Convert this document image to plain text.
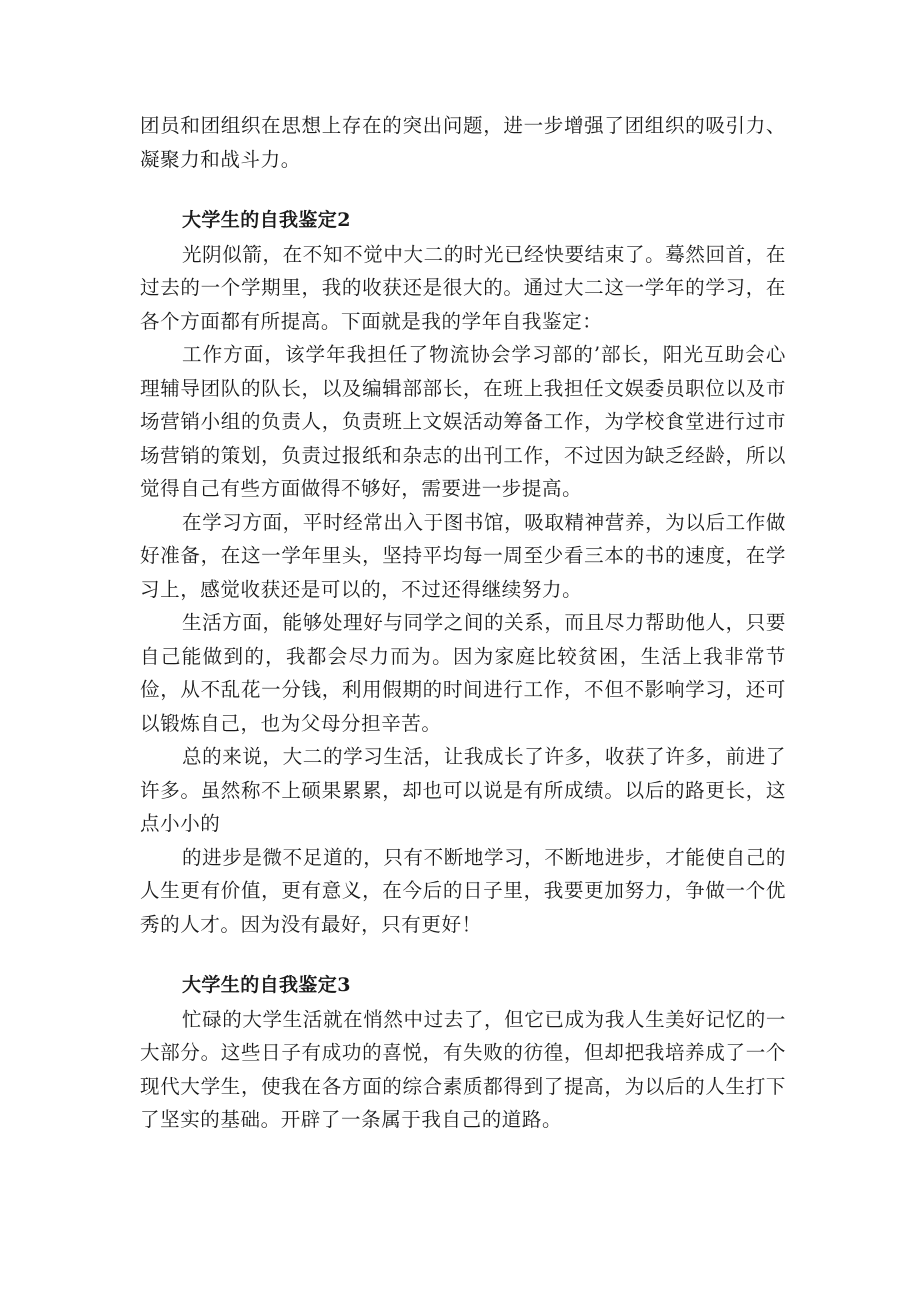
团员和团组织在思想上存在的突出问题，进一步增强了团组织的吸引力、凝聚力和战斗力。

大学生的自我鉴定2

光阴似箭，在不知不觉中大二的时光已经快要结束了。蓦然回首，在过去的一个学期里，我的收获还是很大的。通过大二这一学年的学习，在各个方面都有所提高。下面就是我的学年自我鉴定：

工作方面，该学年我担任了物流协会学习部的’部长，阳光互助会心理辅导团队的队长，以及编辑部部长，在班上我担任文娱委员职位以及市场营销小组的负责人，负责班上文娱活动筹备工作，为学校食堂进行过市场营销的策划，负责过报纸和杂志的出刊工作，不过因为缺乏经龄，所以觉得自己有些方面做得不够好，需要进一步提高。

在学习方面，平时经常出入于图书馆，吸取精神营养，为以后工作做好准备，在这一学年里头，坚持平均每一周至少看三本的书的速度，在学习上，感觉收获还是可以的，不过还得继续努力。

生活方面，能够处理好与同学之间的关系，而且尽力帮助他人，只要自己能做到的，我都会尽力而为。因为家庭比较贫困，生活上我非常节俭，从不乱花一分钱，利用假期的时间进行工作，不但不影响学习，还可以锻炼自己，也为父母分担辛苦。

总的来说，大二的学习生活，让我成长了许多，收获了许多，前进了许多。虽然称不上硕果累累，却也可以说是有所成绩。以后的路更长，这点小小的

的进步是微不足道的，只有不断地学习，不断地进步，才能使自己的人生更有价值，更有意义，在今后的日子里，我要更加努力，争做一个优秀的人才。因为没有最好，只有更好！

大学生的自我鉴定3

忙碌的大学生活就在悄然中过去了，但它已成为我人生美好记忆的一大部分。这些日子有成功的喜悦，有失败的彷徨，但却把我培养成了一个现代大学生，使我在各方面的综合素质都得到了提高，为以后的人生打下了坚实的基础。开辟了一条属于我自己的道路。
